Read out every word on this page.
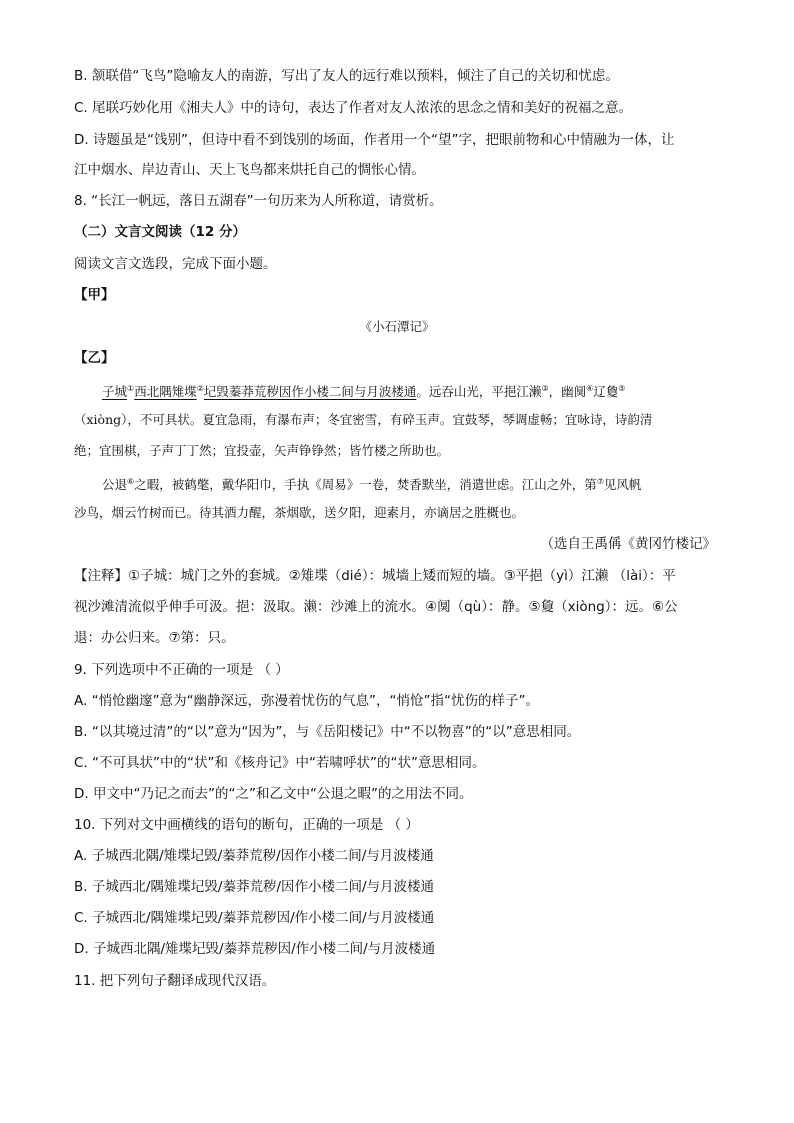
B. 颔联借“飞鸟”隐喻友人的南游，写出了友人的远行难以预料，倾注了自己的关切和忧虑。
C. 尾联巧妙化用《湘夫人》中的诗句，表达了作者对友人浓浓的思念之情和美好的祝福之意。
D. 诗题虽是“饯别”，但诗中看不到饯别的场面，作者用一个“望”字，把眼前物和心中情融为一体，让
江中烟水、岸边青山、天上飞鸟都来烘托自己的惆怅心情。
8. “长江一帆远，落日五湖春”一句历来为人所称道，请赏析。
（二）文言文阅读（12 分）
阅读文言文选段，完成下面小题。
【甲】
《小石潭记》
【乙】
子城①西北隅雉堞②圮毁蓁莽荒秽因作小楼二间与月波楼通。远吞山光，平挹江濑③，幽阒④辽敻⑤
（xiòng），不可具状。夏宜急雨，有瀑布声；冬宜密雪，有碎玉声。宜鼓琴，琴调虚畅；宜咏诗，诗韵清
绝；宜围棋，子声丁丁然；宜投壶，矢声铮铮然；皆竹楼之所助也。
公退⑥之暇，被鹤氅，戴华阳巾，手执《周易》一卷，焚香默坐，消遣世虑。江山之外，第⑦见风帆
沙鸟，烟云竹树而已。待其酒力醒，茶烟歇，送夕阳，迎素月，亦谪居之胜概也。
（选自王禹偁《黄冈竹楼记》
【注释】①子城：城门之外的套城。②雉堞（dié）：城墙上矮而短的墙。③平挹（yì）江濑 （lài）：平
视沙滩清流似乎伸手可汲。挹：汲取。濑：沙滩上的流水。④阒（qù）：静。⑤敻（xiòng）：远。⑥公
退：办公归来。⑦第：只。
9. 下列选项中不正确的一项是 （ ）
A. “悄怆幽邃”意为“幽静深远，弥漫着忧伤的气息”，“悄怆”指“忧伤的样子”。
B. “以其境过清”的“以”意为“因为”，与《岳阳楼记》中“不以物喜”的“以”意思相同。
C. “不可具状”中的“状”和《核舟记》中“若啸呼状”的“状”意思相同。
D. 甲文中“乃记之而去”的“之”和乙文中“公退之暇”的之用法不同。
10. 下列对文中画横线的语句的断句，正确的一项是 （ ）
A. 子城西北隅/雉堞圮毁/蓁莽荒秽/因作小楼二间/与月波楼通
B. 子城西北/隅雉堞圮毁/蓁莽荒秽/因作小楼二间/与月波楼通
C. 子城西北/隅雉堞圮毁/蓁莽荒秽因/作小楼二间/与月波楼通
D. 子城西北隅/雉堞圮毁/蓁莽荒秽因/作小楼二间/与月波楼通
11. 把下列句子翻译成现代汉语。
